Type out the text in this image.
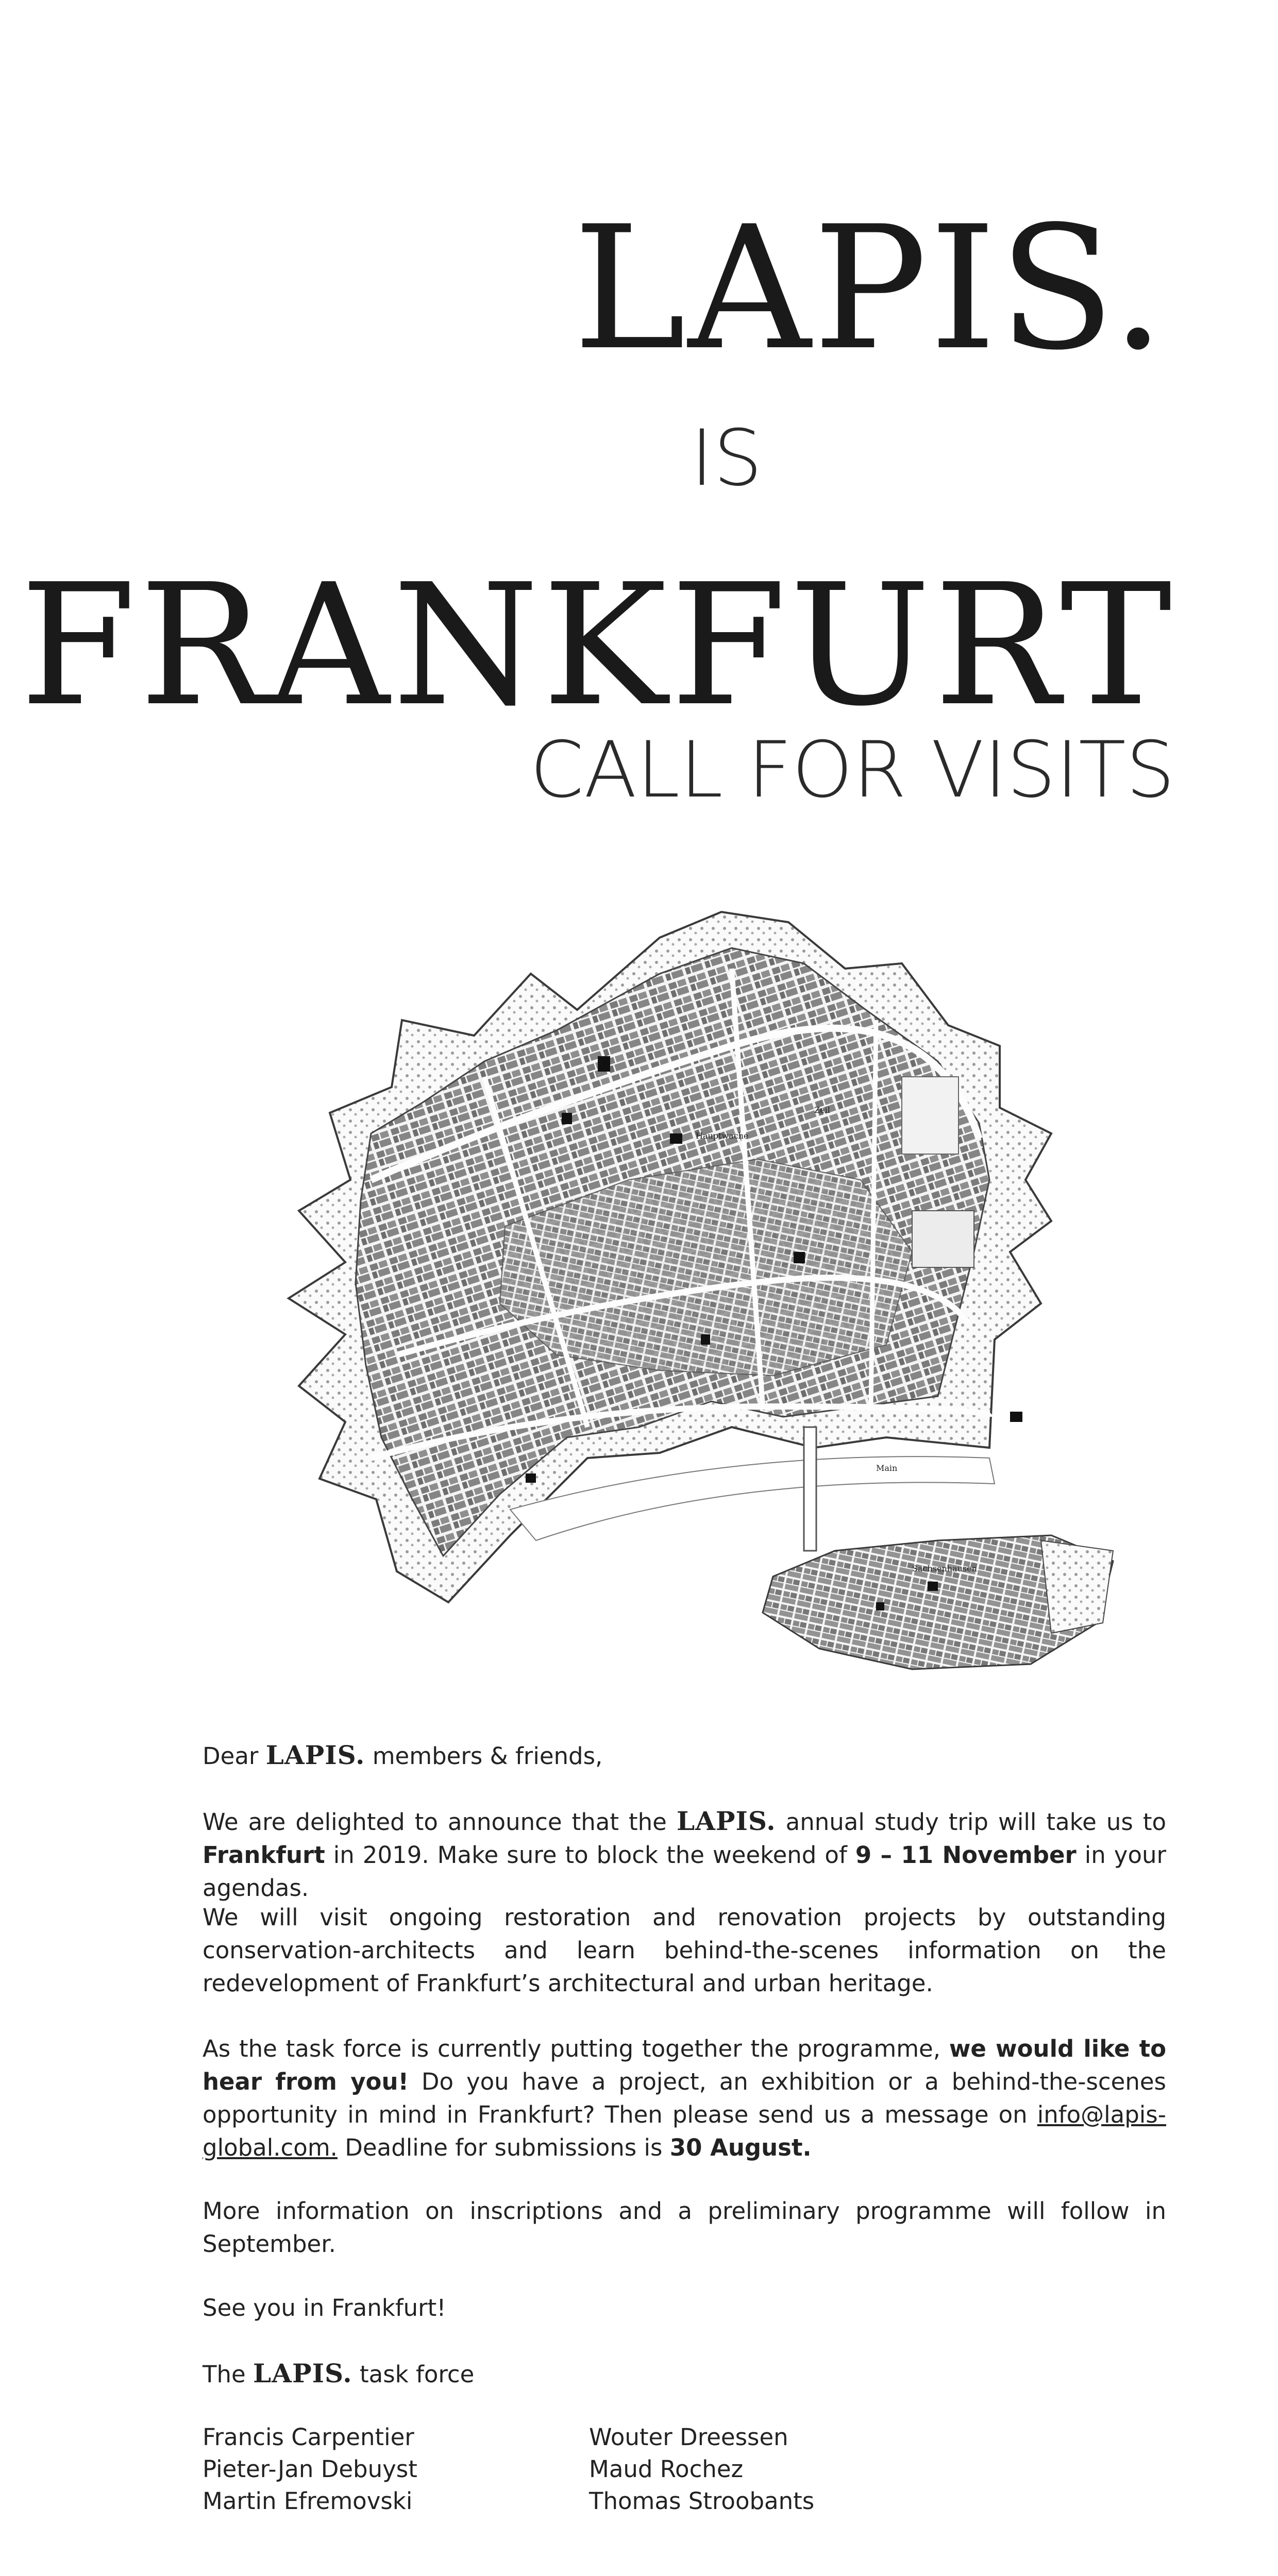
LAPIS.
IS
FRANKFURT
CALL FOR VISITS
Hauptwache
Zeil
Main
Sachsenhausen
Dear LAPIS. members & friends,
We are delighted to announce that the LAPIS. annual study trip will take us to Frankfurt in 2019. Make sure to block the weekend of 9 – 11 November in your agendas.
We will visit ongoing restoration and renovation projects by outstanding conservation-architects and learn behind-the-scenes information on the redevelopment of Frankfurt’s architectural and urban heritage.
As the task force is currently putting together the programme, we would like to hear from you! Do you have a project, an exhibition or a behind-the-scenes opportunity in mind in Frankfurt? Then please send us a message on info@lapis-global.com. Deadline for submissions is 30 August.
More information on inscriptions and a preliminary programme will follow in September.
See you in Frankfurt!
The LAPIS. task force
Francis Carpentier
Pieter-Jan Debuyst
Martin Efremovski
Wouter Dreessen
Maud Rochez
Thomas Stroobants
